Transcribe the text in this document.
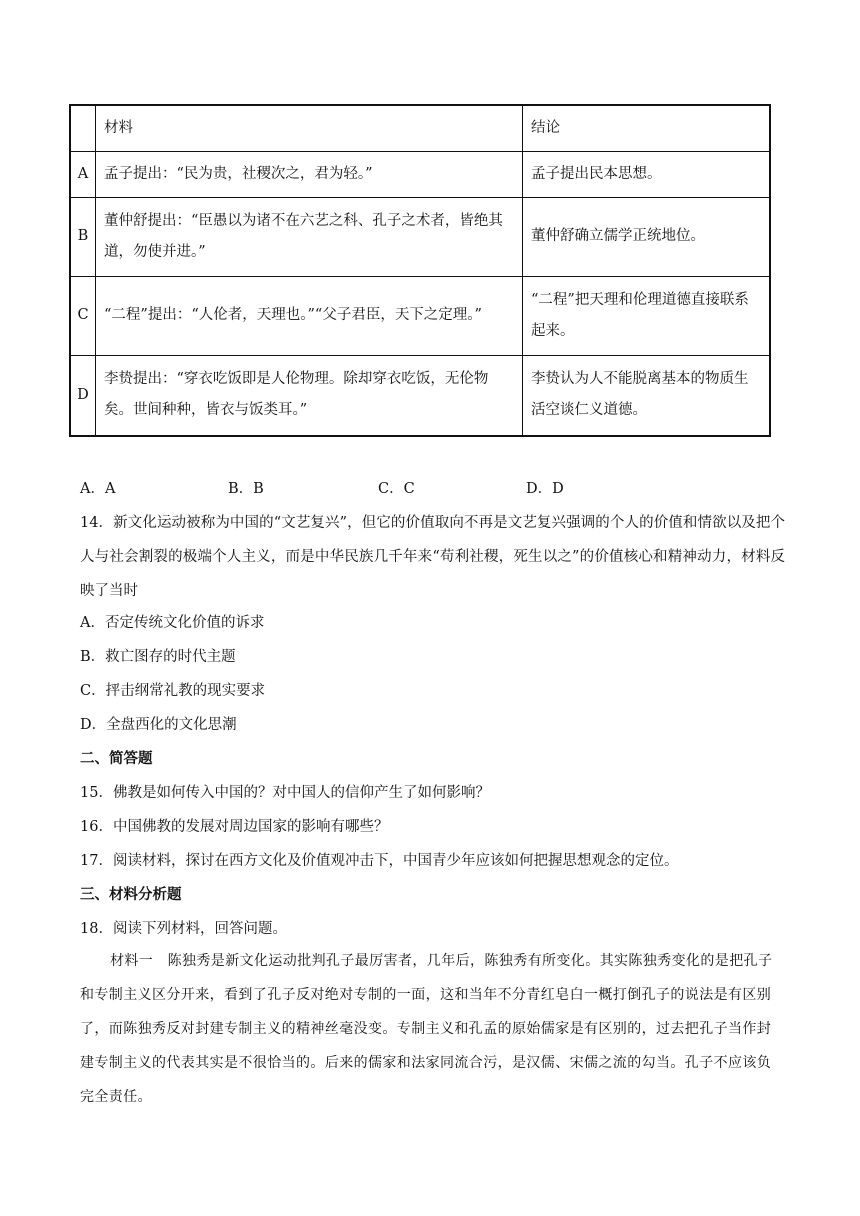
	材料	结论
A	孟子提出：“民为贵，社稷次之，君为轻。”	孟子提出民本思想。
B	董仲舒提出：“臣愚以为诸不在六艺之科、孔子之术者，皆绝其道，勿使并进。”	董仲舒确立儒学正统地位。
C	“二程”提出：“人伦者，天理也。”“父子君臣，天下之定理。”	“二程”把天理和伦理道德直接联系起来。
D	李贽提出：“穿衣吃饭即是人伦物理。除却穿衣吃饭，无伦物矣。世间种种，皆衣与饭类耳。”	李贽认为人不能脱离基本的物质生活空谈仁义道德。
A．A	B．B	C．C	D．D
14．新文化运动被称为中国的“文艺复兴”，但它的价值取向不再是文艺复兴强调的个人的价值和情欲以及把个人与社会割裂的极端个人主义，而是中华民族几千年来“苟利社稷，死生以之”的价值核心和精神动力，材料反映了当时
A．否定传统文化价值的诉求
B．救亡图存的时代主题
C．抨击纲常礼教的现实要求
D．全盘西化的文化思潮
二、简答题
15．佛教是如何传入中国的？对中国人的信仰产生了如何影响？
16．中国佛教的发展对周边国家的影响有哪些？
17．阅读材料，探讨在西方文化及价值观冲击下，中国青少年应该如何把握思想观念的定位。
三、材料分析题
18．阅读下列材料，回答问题。
材料一　陈独秀是新文化运动批判孔子最厉害者，几年后，陈独秀有所变化。其实陈独秀变化的是把孔子和专制主义区分开来，看到了孔子反对绝对专制的一面，这和当年不分青红皂白一概打倒孔子的说法是有区别了，而陈独秀反对封建专制主义的精神丝毫没变。专制主义和孔孟的原始儒家是有区别的，过去把孔子当作封建专制主义的代表其实是不很恰当的。后来的儒家和法家同流合污，是汉儒、宋儒之流的勾当。孔子不应该负完全责任。
